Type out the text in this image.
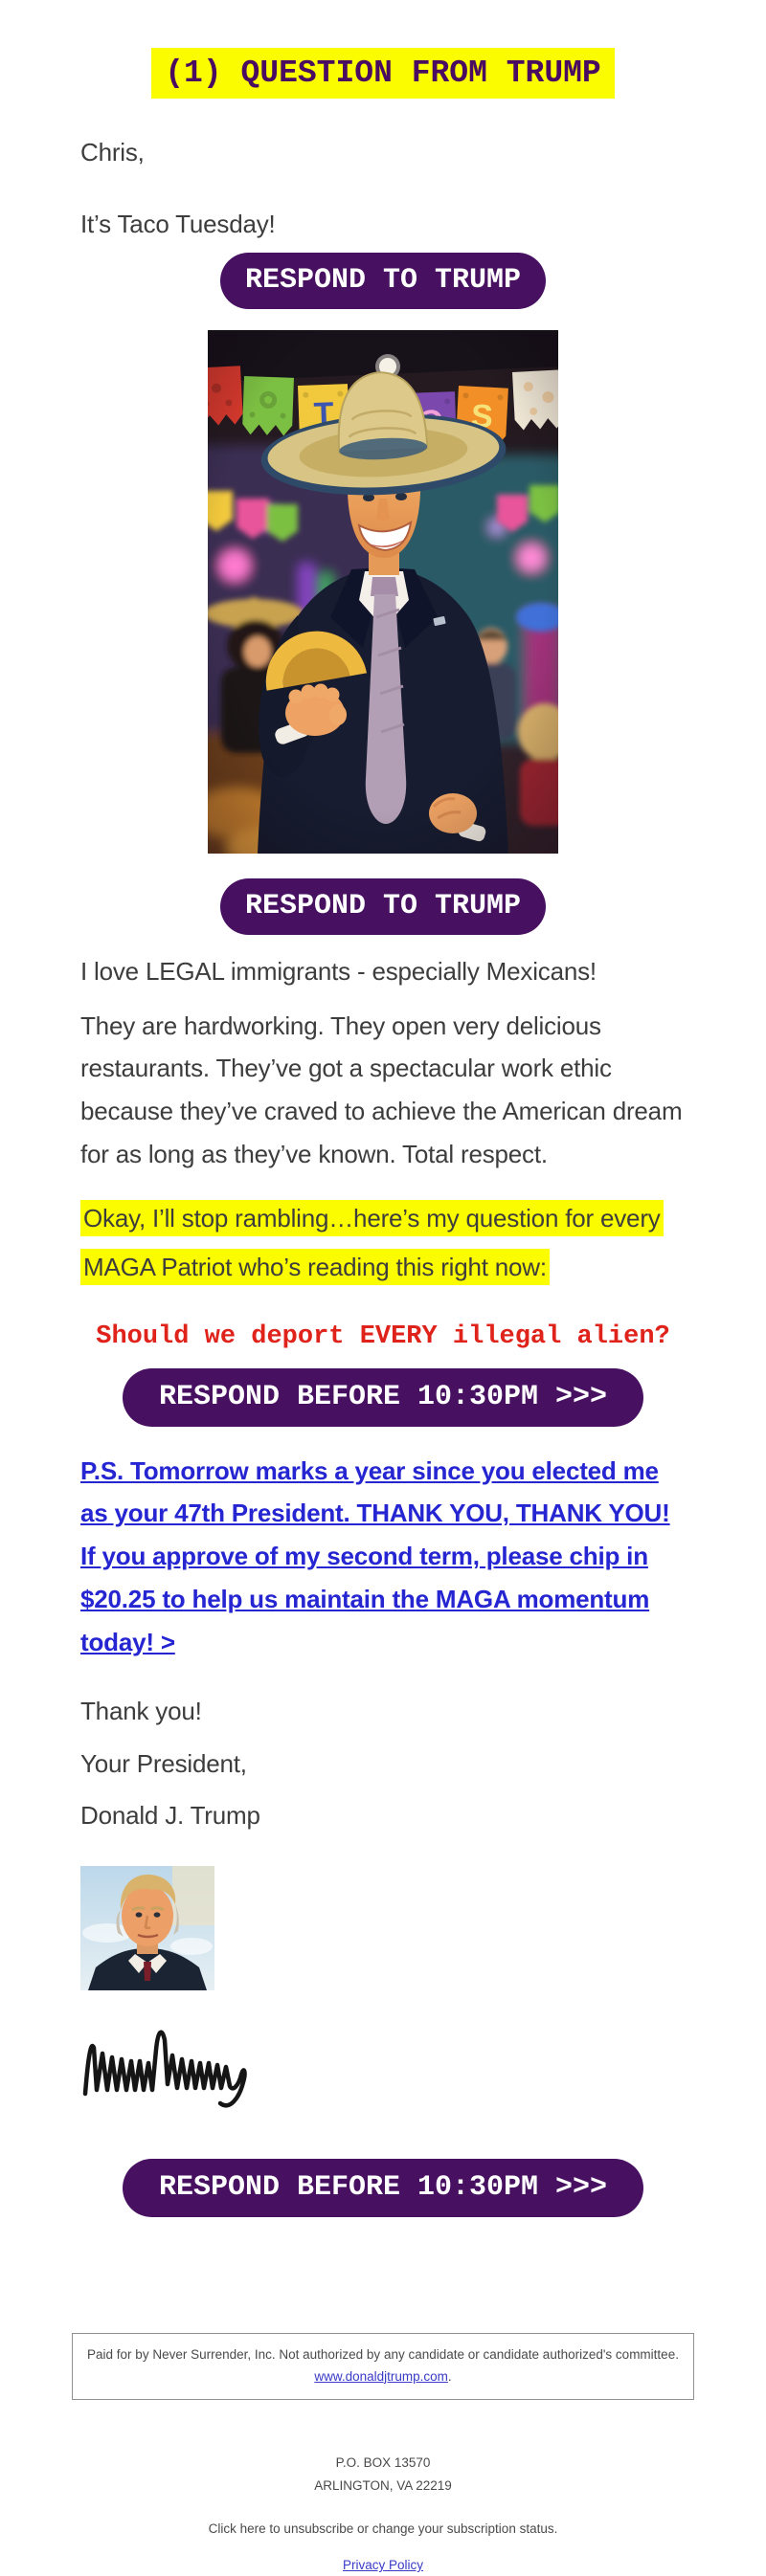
(1) QUESTION FROM TRUMP

Chris,

It’s Taco Tuesday!

RESPOND TO TRUMP
RESPOND TO TRUMP

I love LEGAL immigrants - especially Mexicans!

They are hardworking. They open very delicious restaurants. They’ve got a spectacular work ethic because they’ve craved to achieve the American dream for as long as they’ve known. Total respect.

Okay, I’ll stop rambling…here’s my question for every MAGA Patriot who’s reading this right now:

Should we deport EVERY illegal alien?
RESPOND BEFORE 10:30PM >>>

P.S. Tomorrow marks a year since you elected me as your 47th President. THANK YOU, THANK YOU! If you approve of my second term, please chip in $20.25 to help us maintain the MAGA momentum today! >

Thank you!

Your President,

Donald J. Trump

RESPOND BEFORE 10:30PM >>>
Paid for by Never Surrender, Inc. Not authorized by any candidate or candidate authorized's committee.
www.donaldjtrump.com.

P.O. BOX 13570

ARLINGTON, VA 22219

Click here to unsubscribe or change your subscription status.

Privacy Policy
